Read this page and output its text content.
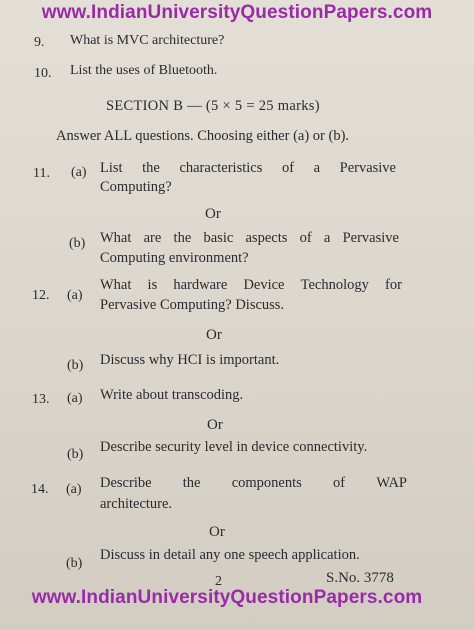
www.IndianUniversityQuestionPapers.com
9. What is MVC architecture?
10. List the uses of Bluetooth.
SECTION B — (5 × 5 = 25 marks)
Answer ALL questions. Choosing either (a) or (b).
11. (a) List the characteristics of a Pervasive
Computing?
Or
(b) What are the basic aspects of a Pervasive
Computing environment?
12. (a)
What is hardware Device Technology for
Pervasive Computing? Discuss.
Or
(b) Discuss why HCI is important.
13. (a) Write about transcoding.
Or
(b) Describe security level in device connectivity.
14. (a) Describe the components of WAP
architecture.
Or
(b)
Discuss in detail any one speech application.
2	S.No. 3778
www.IndianUniversityQuestionPapers.com
